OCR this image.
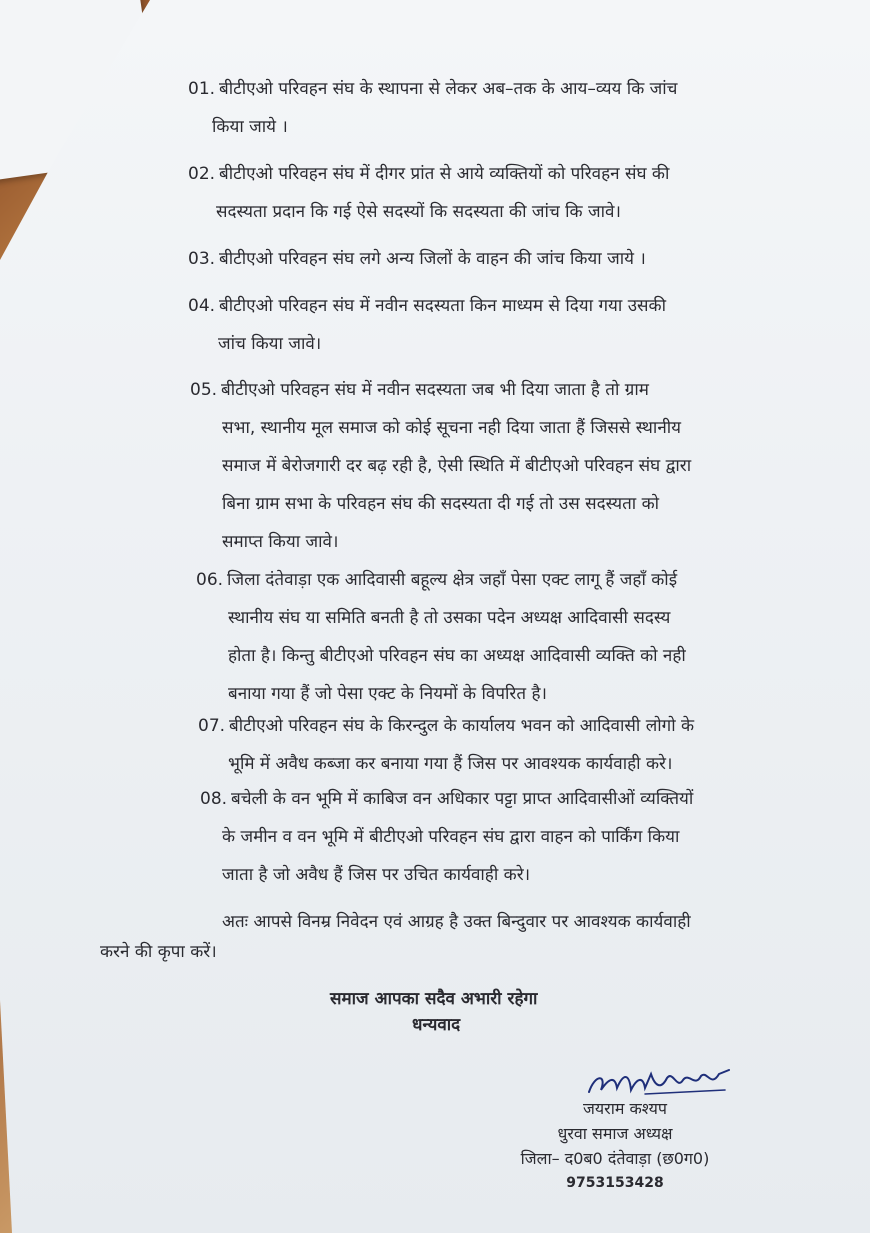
01. बीटीएओ परिवहन संघ के स्थापना से लेकर अब–तक के आय–व्यय कि जांच
किया जाये ।
02. बीटीएओ परिवहन संघ में दीगर प्रांत से आये व्यक्तियों को परिवहन संघ की
सदस्यता प्रदान कि गई ऐसे सदस्यों कि सदस्यता की जांच कि जावे।
03. बीटीएओ परिवहन संघ लगे अन्य जिलों के वाहन की जांच किया जाये ।
04. बीटीएओ परिवहन संघ में नवीन सदस्यता किन माध्यम से दिया गया उसकी
जांच किया जावे।
05. बीटीएओ परिवहन संघ में नवीन सदस्यता जब भी दिया जाता है तो ग्राम
सभा, स्थानीय मूल समाज को कोई सूचना नही दिया जाता हैं जिससे स्थानीय
समाज में बेरोजगारी दर बढ़ रही है, ऐसी स्थिति में बीटीएओ परिवहन संघ द्वारा
बिना ग्राम सभा के परिवहन संघ की सदस्यता दी गई तो उस सदस्यता को
समाप्त किया जावे।
06. जिला दंतेवाड़ा एक आदिवासी बहूल्य क्षेत्र जहाँ पेसा एक्ट लागू हैं जहाँ कोई
स्थानीय संघ या समिति बनती है तो उसका पदेन अध्यक्ष आदिवासी सदस्य
होता है। किन्तु बीटीएओ परिवहन संघ का अध्यक्ष आदिवासी व्यक्ति को नही
बनाया गया हैं जो पेसा एक्ट के नियमों के विपरित है।
07. बीटीएओ परिवहन संघ के किरन्दुल के कार्यालय भवन को आदिवासी लोगो के
भूमि में अवैध कब्जा कर बनाया गया हैं जिस पर आवश्यक कार्यवाही करे।
08. बचेली के वन भूमि में काबिज वन अधिकार पट्टा प्राप्त आदिवासीओं व्यक्तियों
के जमीन व वन भूमि में बीटीएओ परिवहन संघ द्वारा वाहन को पार्किंग किया
जाता है जो अवैध हैं जिस पर उचित कार्यवाही करे।
अतः आपसे विनम्र निवेदन एवं आग्रह है उक्त बिन्दुवार पर आवश्यक कार्यवाही
करने की कृपा करें।
समाज आपका सदैव अभारी रहेगा
धन्यवाद
जयराम कश्यप
धुरवा समाज अध्यक्ष
जिला– द0ब0 दंतेवाड़ा (छ0ग0)
9753153428
